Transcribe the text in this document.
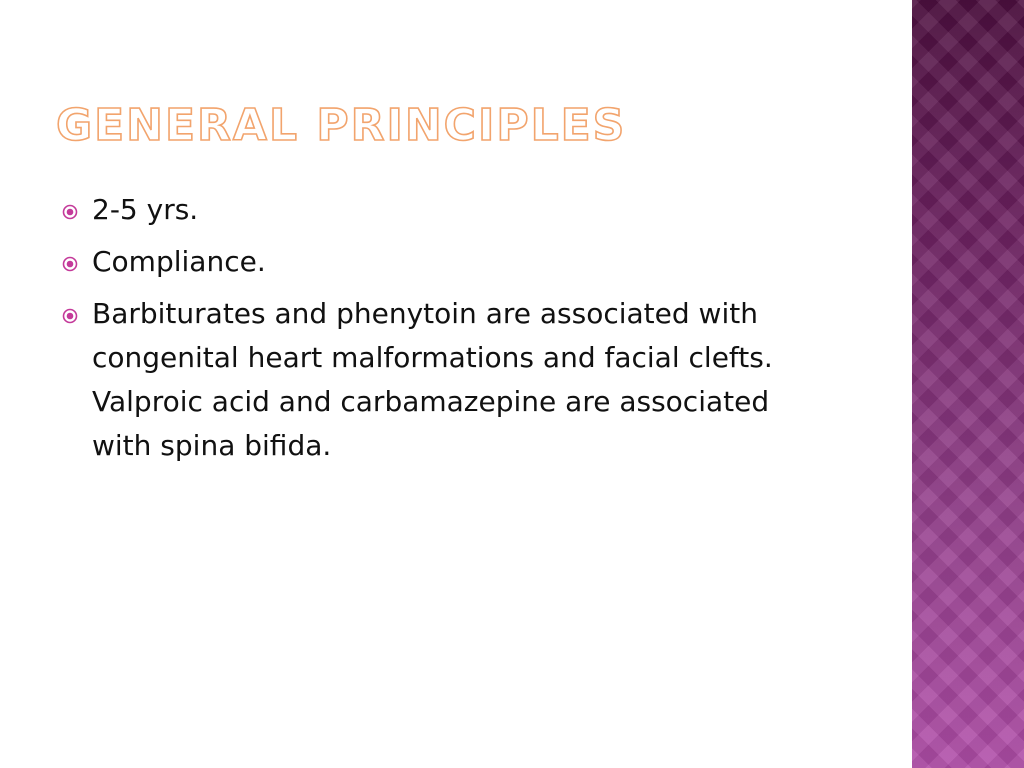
GENERAL PRINCIPLES
2-5 yrs.
Compliance.
Barbiturates and phenytoin are associated with congenital heart malformations and facial clefts. Valproic acid and carbamazepine are associated with spina bifida.
